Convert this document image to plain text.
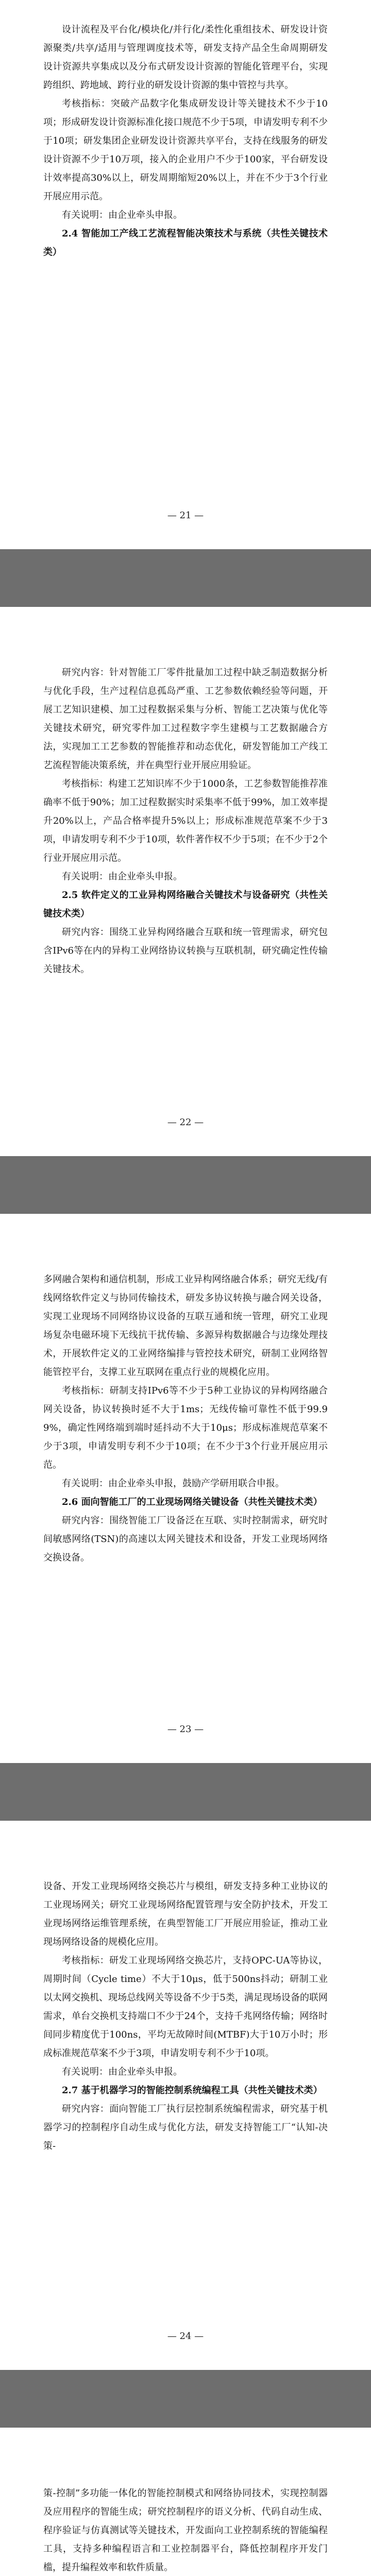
设计流程及平台化/模块化/并行化/柔性化重组技术、研发设计资源聚类/共享/适用与管理调度技术等，研发支持产品全生命周期研发设计资源共享集成以及分布式研发设计资源的智能化管理平台，实现跨组织、跨地域、跨行业的研发设计资源的集中管控与共享。

考核指标：突破产品数字化集成研发设计等关键技术不少于10项；形成研发设计资源标准化接口规范不少于5项，申请发明专利不少于10项；研发集团企业研发设计资源共享平台，支持在线服务的研发设计资源不少于10万项，接入的企业用户不少于100家，平台研发设计效率提高30%以上，研发周期缩短20%以上，并在不少于3个行业开展应用示范。

有关说明：由企业牵头申报。

2.4 智能加工产线工艺流程智能决策技术与系统（共性关键技术类）

— 21 —

研究内容：针对智能工厂零件批量加工过程中缺乏制造数据分析与优化手段，生产过程信息孤岛严重、工艺参数依赖经验等问题，开展工艺知识建模、加工过程数据采集与分析、智能工艺决策与优化等关键技术研究，研究零件加工过程数字孪生建模与工艺数据融合方法，实现加工工艺参数的智能推荐和动态优化，研发智能加工产线工艺流程智能决策系统，并在典型行业开展应用验证。

考核指标：构建工艺知识库不少于1000条，工艺参数智能推荐准确率不低于90%；加工过程数据实时采集率不低于99%，加工效率提升20%以上，产品合格率提升5%以上；形成标准规范草案不少于3项，申请发明专利不少于10项，软件著作权不少于5项；在不少于2个行业开展应用示范。

有关说明：由企业牵头申报。

2.5 软件定义的工业异构网络融合关键技术与设备研究（共性关键技术类）

研究内容：围绕工业异构网络融合互联和统一管理需求，研究包含IPv6等在内的异构工业网络协议转换与互联机制，研究确定性传输关键技术。

— 22 —

多网融合架构和通信机制，形成工业异构网络融合体系；研究无线/有线网络软件定义与协同传输技术，研发多协议转换与融合网关设备，实现工业现场不同网络协议设备的互联互通和统一管理，研究工业现场复杂电磁环境下无线抗干扰传输、多源异构数据融合与边缘处理技术，开展软件定义的工业网络编排与管控技术研究，研制工业网络智能管控平台，支撑工业互联网在重点行业的规模化应用。

考核指标：研制支持IPv6等不少于5种工业协议的异构网络融合网关设备，协议转换时延不大于1ms；无线传输可靠性不低于99.99%，确定性网络端到端时延抖动不大于10μs；形成标准规范草案不少于3项，申请发明专利不少于10项；在不少于3个行业开展应用示范。

有关说明：由企业牵头申报，鼓励产学研用联合申报。

2.6 面向智能工厂的工业现场网络关键设备（共性关键技术类）

研究内容：围绕智能工厂设备泛在互联、实时控制需求，研究时间敏感网络(TSN)的高速以太网关键技术和设备，开发工业现场网络交换设备。

— 23 —

设备、开发工业现场网络交换芯片与模组，研发支持多种工业协议的工业现场网关；研究工业现场网络配置管理与安全防护技术，开发工业现场网络运维管理系统，在典型智能工厂开展应用验证，推动工业现场网络设备的规模化应用。

考核指标：研发工业现场网络交换芯片，支持OPC-UA等协议，周期时间（Cycle time）不大于10μs，低于500ns抖动；研制工业以太网交换机、现场总线网关等设备不少于5类，满足现场设备的联网需求，单台交换机支持端口不少于24个，支持千兆网络传输；网络时间同步精度优于100ns，平均无故障时间(MTBF)大于10万小时；形成标准规范草案不少于3项，申请发明专利不少于10项。

有关说明：由企业牵头申报。

2.7 基于机器学习的智能控制系统编程工具（共性关键技术类）

研究内容：面向智能工厂执行层控制系统编程需求，研究基于机器学习的控制程序自动生成与优化方法，研发支持智能工厂“认知-决策-

— 24 —

策-控制”多功能一体化的智能控制模式和网络协同技术，实现控制器及应用程序的智能生成；研究控制程序的语义分析、代码自动生成、程序验证与仿真测试等关键技术，开发面向工业控制系统的智能编程工具，支持多种编程语言和工业控制器平台，降低控制程序开发门槛，提升编程效率和软件质量。
